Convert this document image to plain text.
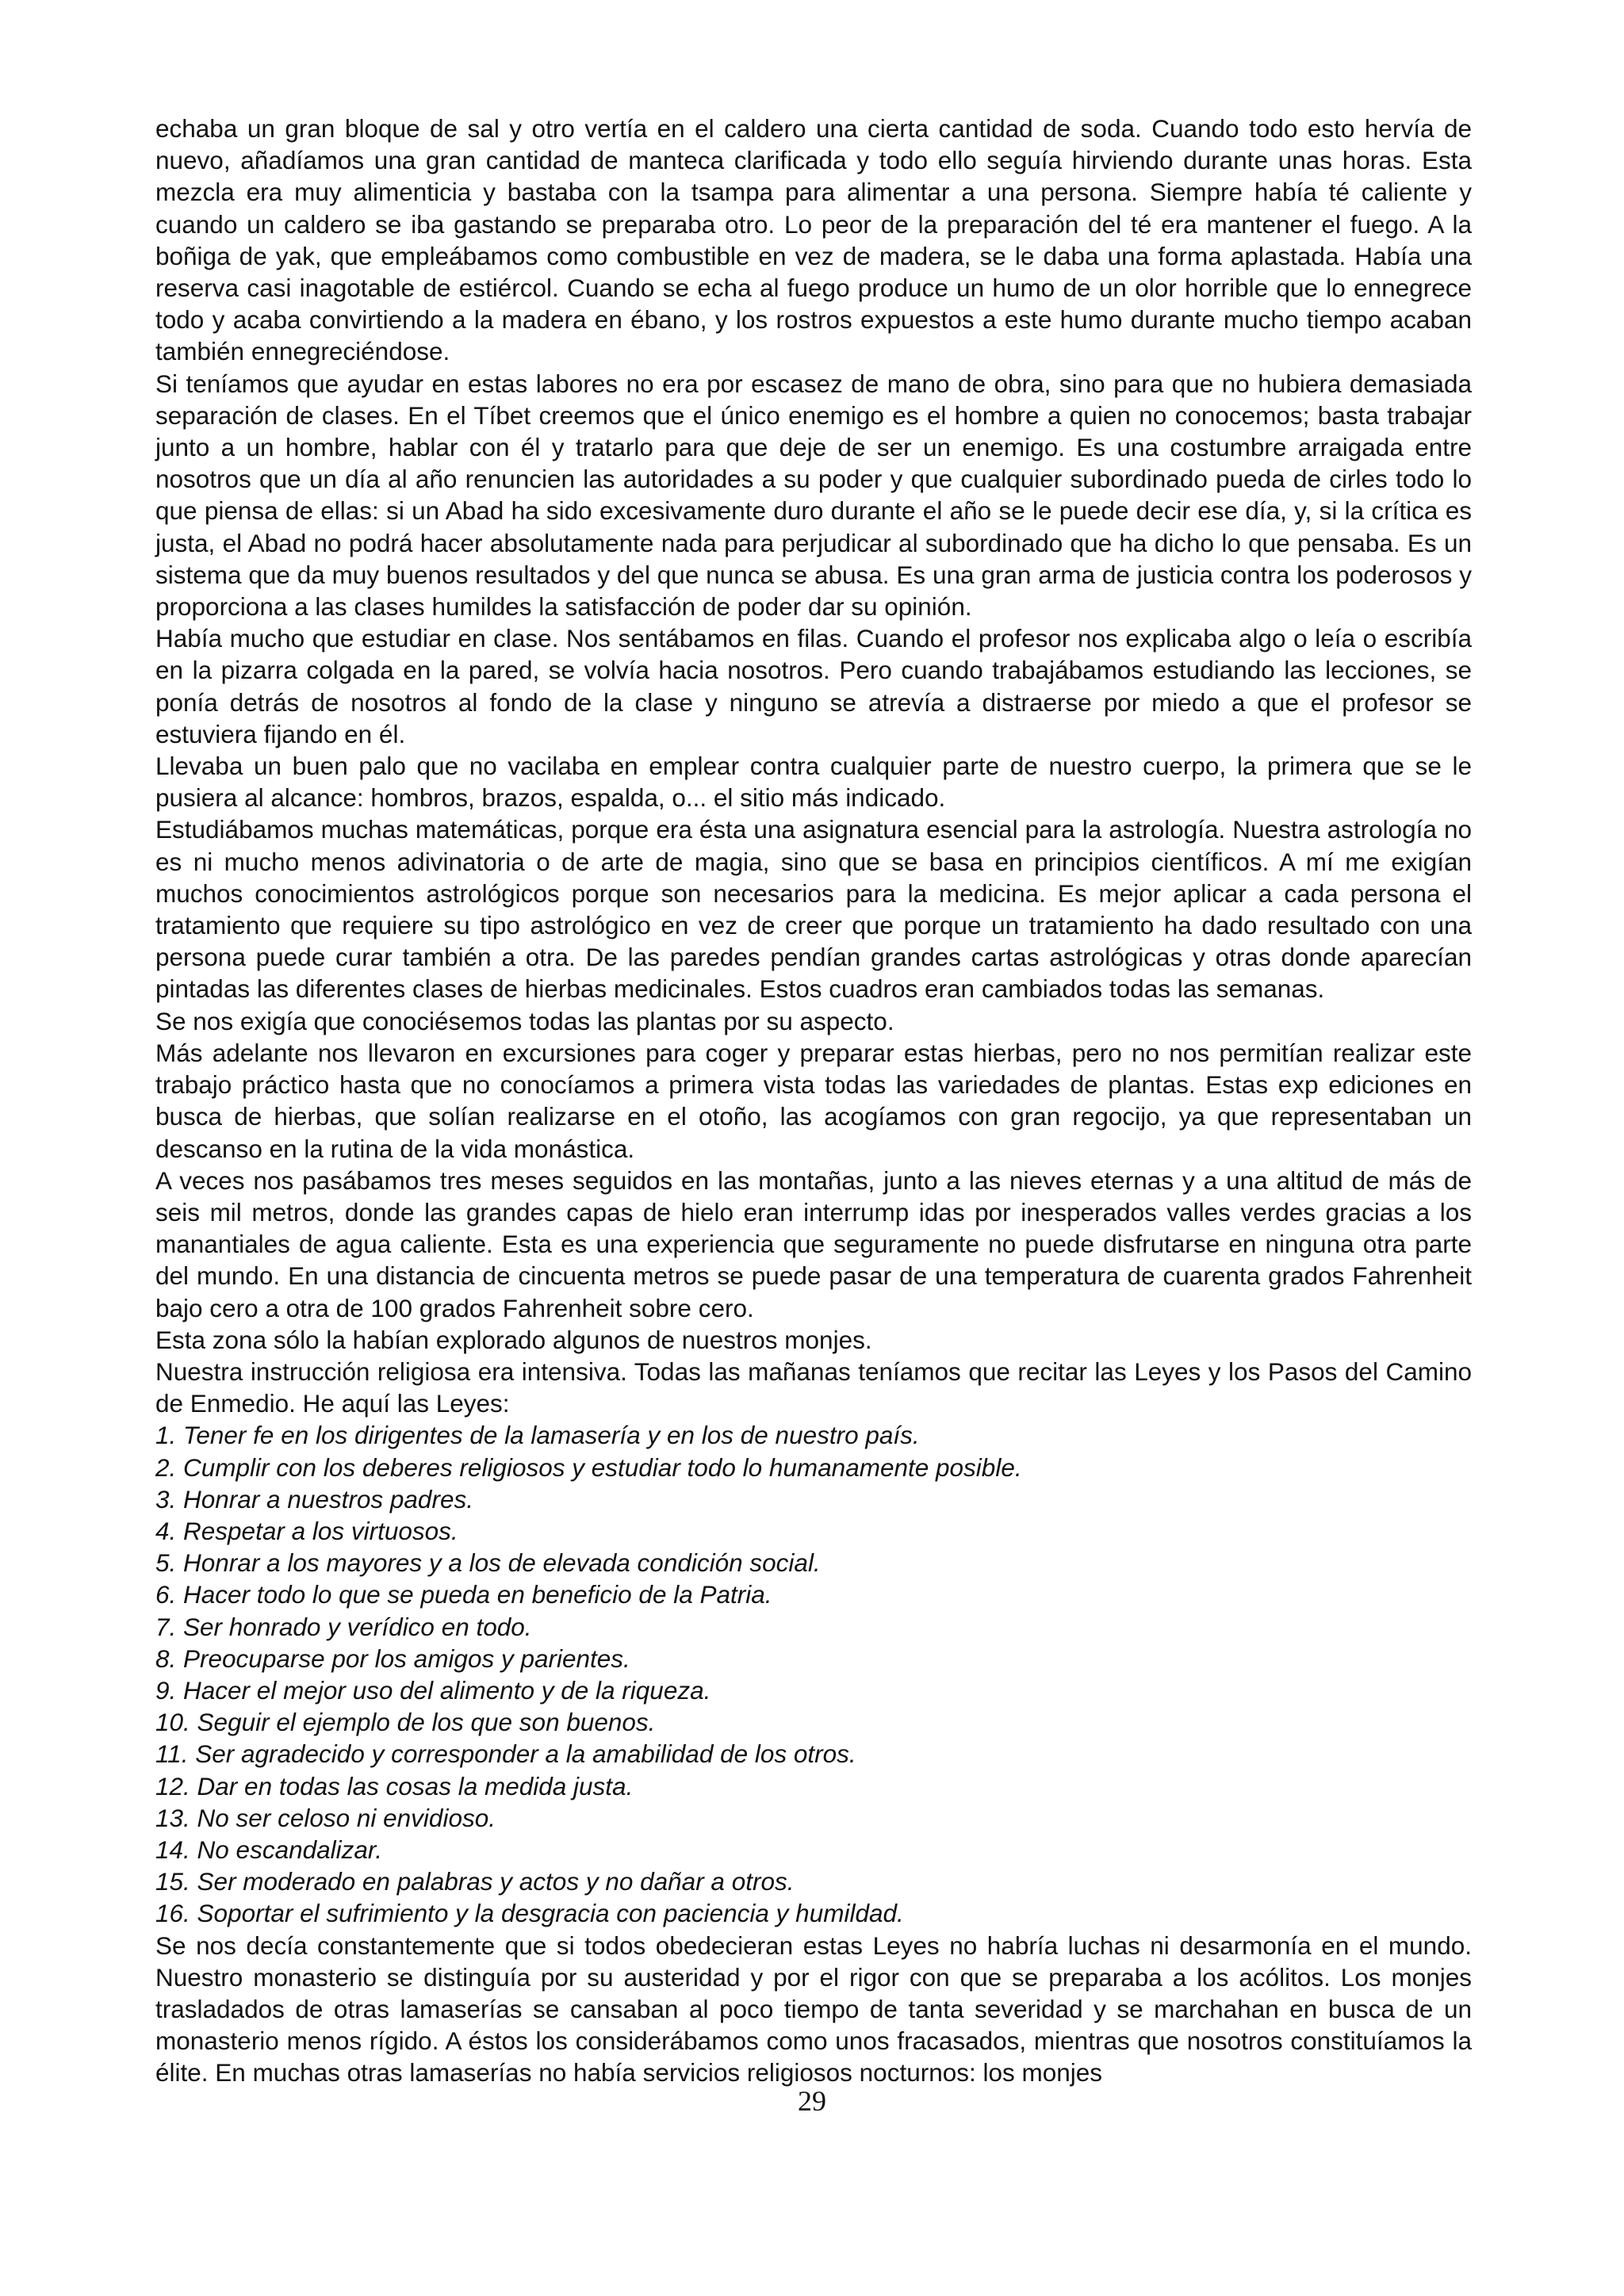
echaba un gran bloque de sal y otro vertía en el caldero una cierta cantidad de soda. Cuando todo esto hervía de nuevo, añadíamos una gran cantidad de manteca clarificada y todo ello seguía hirviendo durante unas horas. Esta mezcla era muy alimenticia y bastaba con la tsampa para alimentar a una persona. Siempre había té caliente y cuando un caldero se iba gastando se preparaba otro. Lo peor de la preparación del té era mantener el fuego. A la boñiga de yak, que empleábamos como combustible en vez de madera, se le daba una forma aplastada. Había una reserva casi inagotable de estiércol. Cuando se echa al fuego produce un humo de un olor horrible que lo ennegrece todo y acaba convirtiendo a la madera en ébano, y los rostros expuestos a este humo durante mucho tiempo acaban también ennegreciéndose.

Si teníamos que ayudar en estas labores no era por escasez de mano de obra, sino para que no hubiera demasiada separación de clases. En el Tíbet creemos que el único enemigo es el hombre a quien no conocemos; basta trabajar junto a un hombre, hablar con él y tratarlo para que deje de ser un enemigo. Es una costumbre arraigada entre nosotros que un día al año renuncien las autoridades a su poder y que cualquier subordinado pueda de cirles todo lo que piensa de ellas: si un Abad ha sido excesivamente duro durante el año se le puede decir ese día, y, si la crítica es justa, el Abad no podrá hacer absolutamente nada para perjudicar al subordinado que ha dicho lo que pensaba. Es un sistema que da muy buenos resultados y del que nunca se abusa. Es una gran arma de justicia contra los poderosos y proporciona a las clases humildes la satisfacción de poder dar su opinión.

Había mucho que estudiar en clase. Nos sentábamos en filas. Cuando el profesor nos explicaba algo o leía o escribía en la pizarra colgada en la pared, se volvía hacia nosotros. Pero cuando trabajábamos estudiando las lecciones, se ponía detrás de nosotros al fondo de la clase y ninguno se atrevía a distraerse por miedo a que el profesor se estuviera fijando en él.

Llevaba un buen palo que no vacilaba en emplear contra cualquier parte de nuestro cuerpo, la primera que se le pusiera al alcance: hombros, brazos, espalda, o... el sitio más indicado.

Estudiábamos muchas matemáticas, porque era ésta una asignatura esencial para la astrología. Nuestra astrología no es ni mucho menos adivinatoria o de arte de magia, sino que se basa en principios científicos. A mí me exigían muchos conocimientos astrológicos porque son necesarios para la medicina. Es mejor aplicar a cada persona el tratamiento que requiere su tipo astrológico en vez de creer que porque un tratamiento ha dado resultado con una persona puede curar también a otra. De las paredes pendían grandes cartas astrológicas y otras donde aparecían pintadas las diferentes clases de hierbas medicinales. Estos cuadros eran cambiados todas las semanas.

Se nos exigía que conociésemos todas las plantas por su aspecto.

Más adelante nos llevaron en excursiones para coger y preparar estas hierbas, pero no nos permitían realizar este trabajo práctico hasta que no conocíamos a primera vista todas las variedades de plantas. Estas exp ediciones en busca de hierbas, que solían realizarse en el otoño, las acogíamos con gran regocijo, ya que representaban un descanso en la rutina de la vida monástica.

A veces nos pasábamos tres meses seguidos en las montañas, junto a las nieves eternas y a una altitud de más de seis mil metros, donde las grandes capas de hielo eran interrump idas por inesperados valles verdes gracias a los manantiales de agua caliente. Esta es una experiencia que seguramente no puede disfrutarse en ninguna otra parte del mundo. En una distancia de cincuenta metros se puede pasar de una temperatura de cuarenta grados Fahrenheit bajo cero a otra de 100 grados Fahrenheit sobre cero.

Esta zona sólo la habían explorado algunos de nuestros monjes.

Nuestra instrucción religiosa era intensiva. Todas las mañanas teníamos que recitar las Leyes y los Pasos del Camino de Enmedio. He aquí las Leyes:

1. Tener fe en los dirigentes de la lamasería y en los de nuestro país.
2. Cumplir con los deberes religiosos y estudiar todo lo humanamente posible.
3. Honrar a nuestros padres.
4. Respetar a los virtuosos.
5. Honrar a los mayores y a los de elevada condición social.
6. Hacer todo lo que se pueda en beneficio de la Patria.
7. Ser honrado y verídico en todo.
8. Preocuparse por los amigos y parientes.
9. Hacer el mejor uso del alimento y de la riqueza.
10. Seguir el ejemplo de los que son buenos.
11. Ser agradecido y corresponder a la amabilidad de los otros.
12. Dar en todas las cosas la medida justa.
13. No ser celoso ni envidioso.
14. No escandalizar.
15. Ser moderado en palabras y actos y no dañar a otros.
16. Soportar el sufrimiento y la desgracia con paciencia y humildad.

Se nos decía constantemente que si todos obedecieran estas Leyes no habría luchas ni desarmonía en el mundo. Nuestro monasterio se distinguía por su austeridad y por el rigor con que se preparaba a los acólitos. Los monjes trasladados de otras lamaserías se cansaban al poco tiempo de tanta severidad y se marchahan en busca de un monasterio menos rígido. A éstos los considerábamos como unos fracasados, mientras que nosotros constituíamos la élite. En muchas otras lamaserías no había servicios religiosos nocturnos: los monjes

29
